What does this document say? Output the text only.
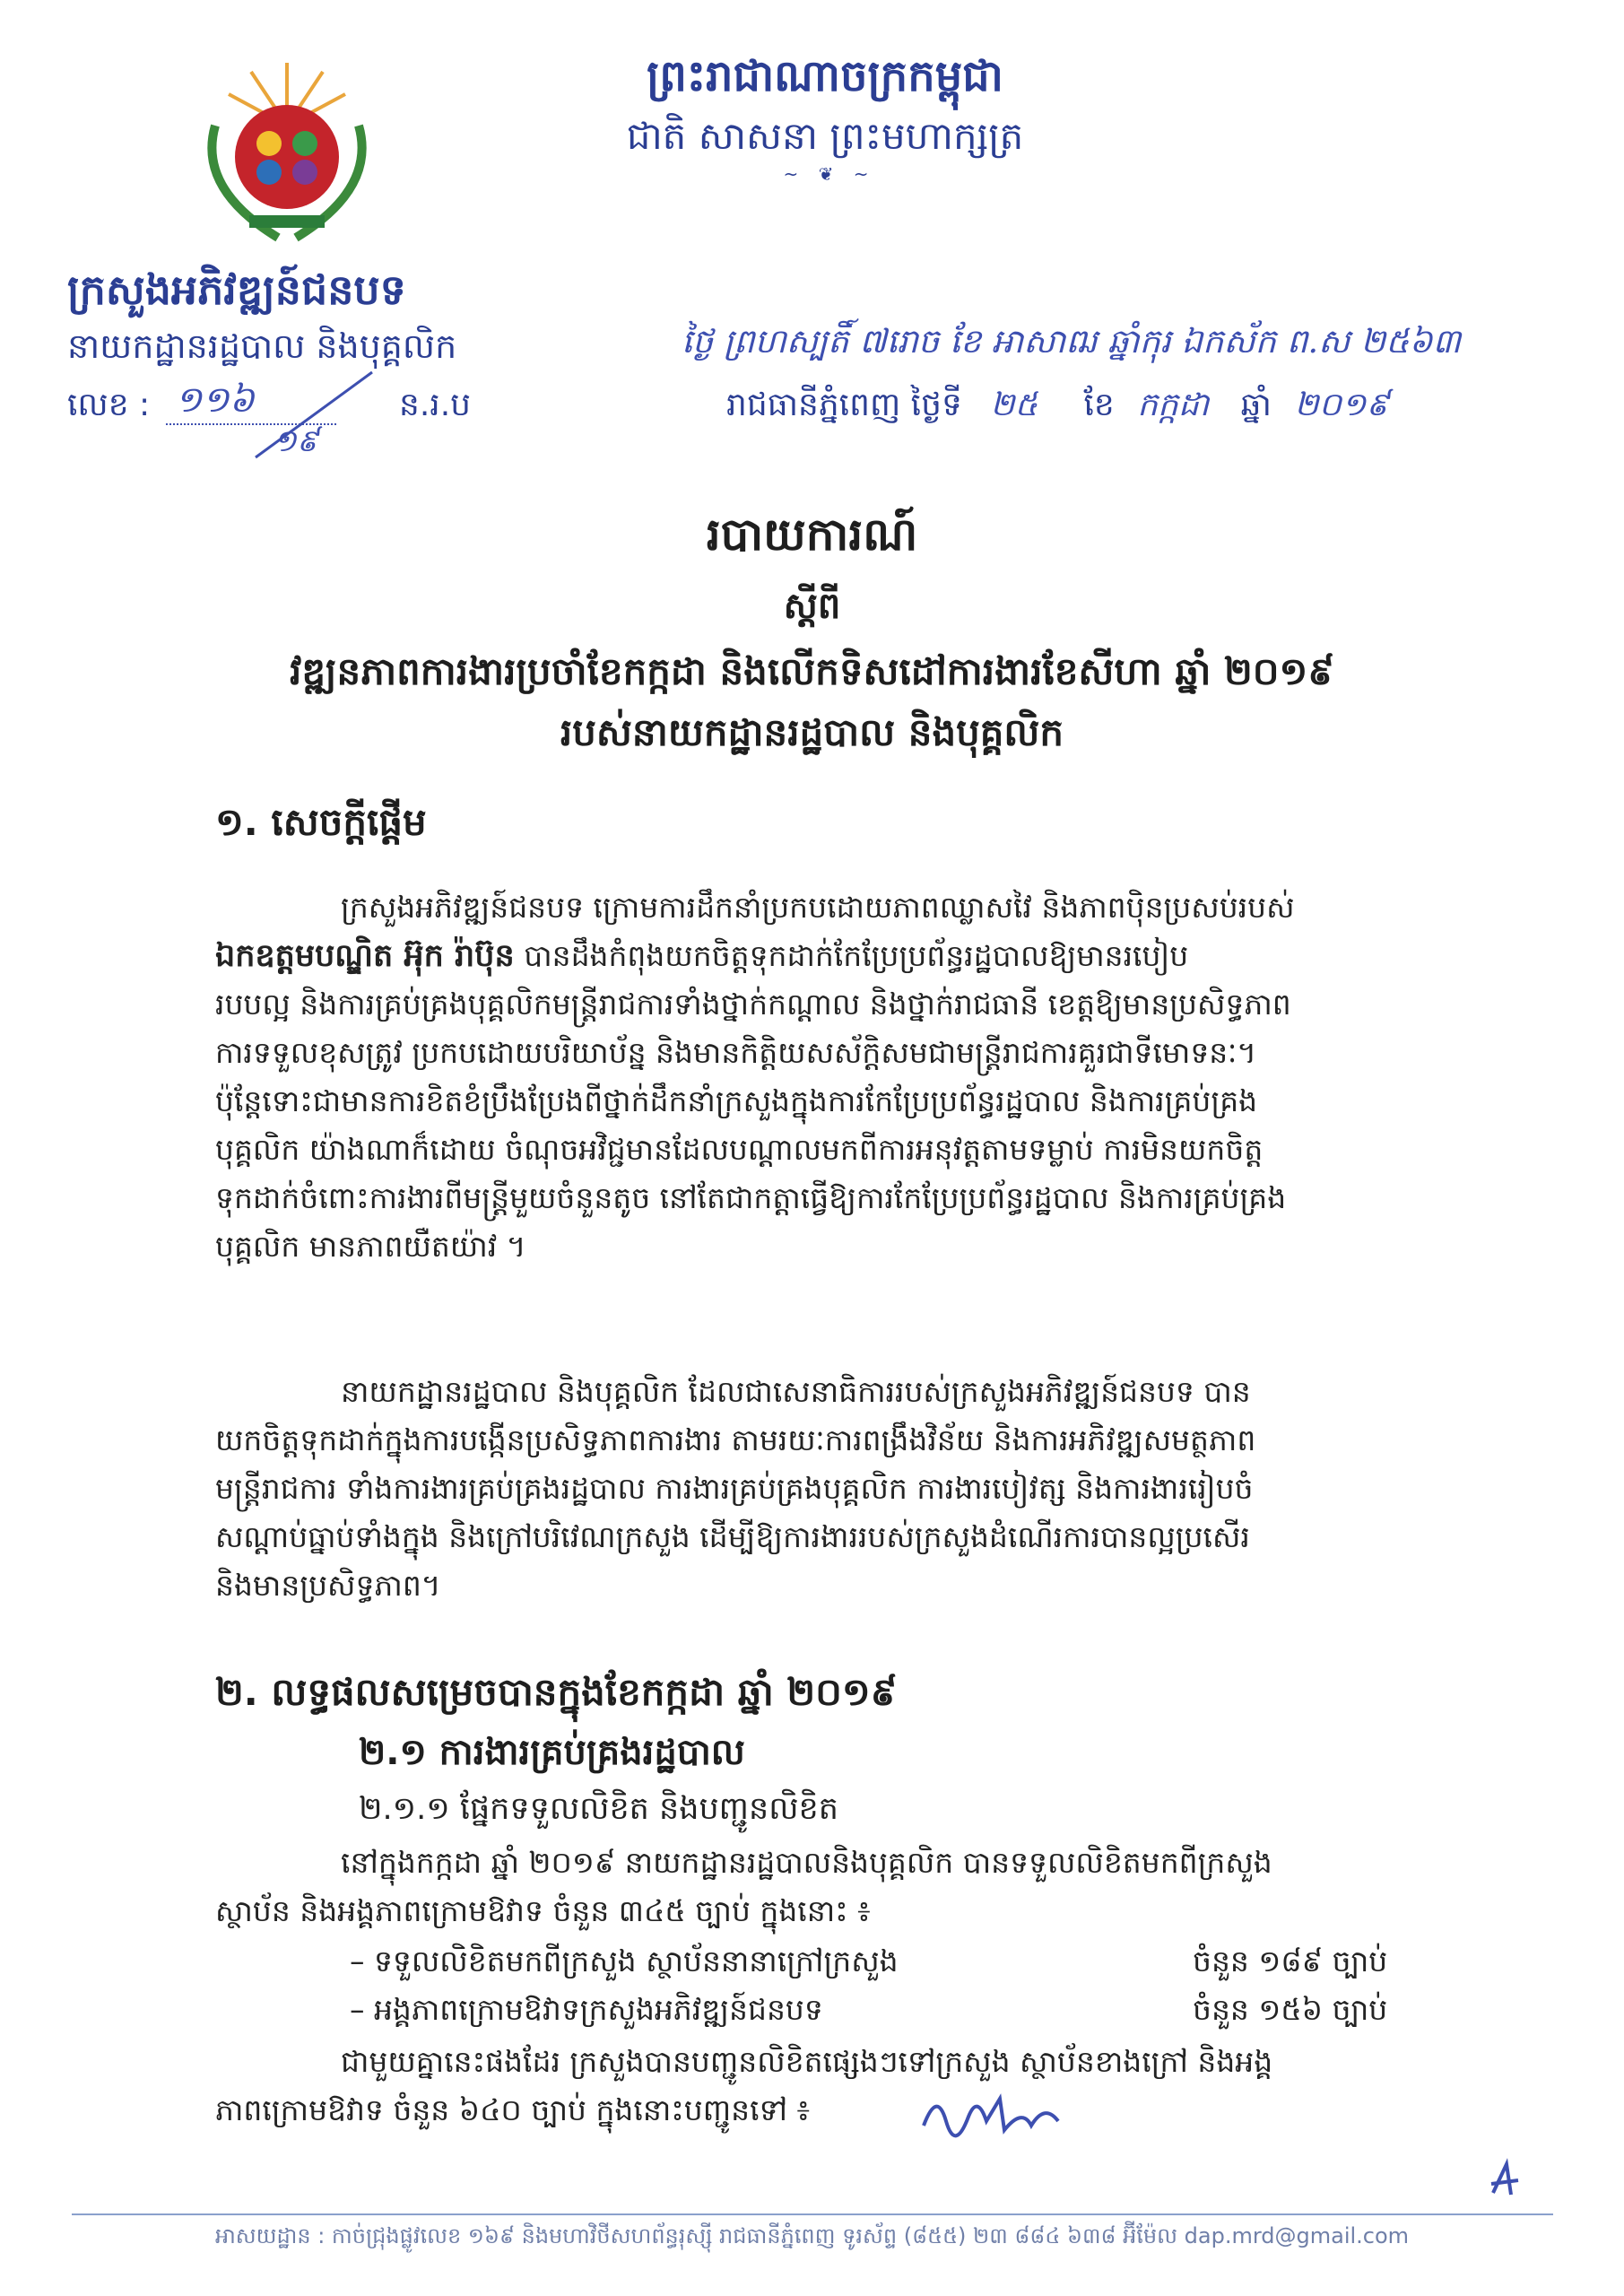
ព្រះរាជាណាចក្រកម្ពុជា
ជាតិ សាសនា ព្រះមហាក្សត្រ
~ ❦ ~
ក្រសួងអភិវឌ្ឍន៍ជនបទ
នាយកដ្ឋានរដ្ឋបាល និងបុគ្គលិក
លេខ : ១១៦
១៩
ន.រ.ប
ថ្ងៃ ព្រហស្បតិ៍ ៧រោច ខែ អាសាឍ ឆ្នាំកុរ ឯកស័ក ព.ស ២៥៦៣
រាជធានីភ្នំពេញ ថ្ងៃទី ២៥ ខែ កក្កដា ឆ្នាំ ២០១៩
របាយការណ៍
ស្ដីពី
វឌ្ឍនភាពការងារប្រចាំខែកក្កដា និងលើកទិសដៅការងារខែសីហា ឆ្នាំ ២០១៩
របស់នាយកដ្ឋានរដ្ឋបាល និងបុគ្គលិក
១. សេចក្តីផ្តើម
ក្រសួងអភិវឌ្ឍន៍ជនបទ ក្រោមការដឹកនាំប្រកបដោយភាពឈ្លាសវៃ និងភាពប៉ិនប្រសប់របស់
ឯកឧត្តមបណ្ឌិត អ៊ុក រ៉ាប៊ុន បានដឹងកំពុងយកចិត្តទុកដាក់កែប្រែប្រព័ន្ធរដ្ឋបាលឱ្យមានរបៀប
របបល្អ និងការគ្រប់គ្រងបុគ្គលិកមន្ត្រីរាជការទាំងថ្នាក់កណ្ដាល និងថ្នាក់រាជធានី ខេត្តឱ្យមានប្រសិទ្ធភាព
ការទទួលខុសត្រូវ ប្រកបដោយបរិយាប័ន្ន និងមានកិត្តិយសស័ក្តិសមជាមន្ត្រីរាជការគួរជាទីមោទនៈ។
ប៉ុន្តែទោះជាមានការខិតខំប្រឹងប្រែងពីថ្នាក់ដឹកនាំក្រសួងក្នុងការកែប្រែប្រព័ន្ធរដ្ឋបាល និងការគ្រប់គ្រង
បុគ្គលិក យ៉ាងណាក៏ដោយ ចំណុចអវិជ្ជមានដែលបណ្ដាលមកពីការអនុវត្តតាមទម្លាប់ ការមិនយកចិត្ត
ទុកដាក់ចំពោះការងារពីមន្ត្រីមួយចំនួនតូច នៅតែជាកត្តាធ្វើឱ្យការកែប្រែប្រព័ន្ធរដ្ឋបាល និងការគ្រប់គ្រង
បុគ្គលិក មានភាពយឺតយ៉ាវ ។
នាយកដ្ឋានរដ្ឋបាល និងបុគ្គលិក ដែលជាសេនាធិការរបស់ក្រសួងអភិវឌ្ឍន៍ជនបទ បាន
យកចិត្តទុកដាក់ក្នុងការបង្កើនប្រសិទ្ធភាពការងារ តាមរយៈការពង្រឹងវិន័យ និងការអភិវឌ្ឍសមត្ថភាព
មន្ត្រីរាជការ ទាំងការងារគ្រប់គ្រងរដ្ឋបាល ការងារគ្រប់គ្រងបុគ្គលិក ការងារបៀវត្ស និងការងាររៀបចំ
សណ្ដាប់ធ្នាប់ទាំងក្នុង និងក្រៅបរិវេណក្រសួង ដើម្បីឱ្យការងាររបស់ក្រសួងដំណើរការបានល្អប្រសើរ
និងមានប្រសិទ្ធភាព។
២. លទ្ធផលសម្រេចបានក្នុងខែកក្កដា ឆ្នាំ ២០១៩
២.១ ការងារគ្រប់គ្រងរដ្ឋបាល
២.១.១ ផ្នែកទទួលលិខិត និងបញ្ជូនលិខិត
នៅក្នុងកក្កដា ឆ្នាំ ២០១៩ នាយកដ្ឋានរដ្ឋបាលនិងបុគ្គលិក បានទទួលលិខិតមកពីក្រសួង
ស្ថាប័ន និងអង្គភាពក្រោមឱវាទ ចំនួន ៣៤៥ ច្បាប់ ក្នុងនោះ ៖
– ទទួលលិខិតមកពីក្រសួង ស្ថាប័ននានាក្រៅក្រសួង	ចំនួន ១៨៩ ច្បាប់
– អង្គភាពក្រោមឱវាទក្រសួងអភិវឌ្ឍន៍ជនបទ	ចំនួន ១៥៦ ច្បាប់
ជាមួយគ្នានេះផងដែរ ក្រសួងបានបញ្ជូនលិខិតផ្សេងៗទៅក្រសួង ស្ថាប័នខាងក្រៅ និងអង្គ
ភាពក្រោមឱវាទ ចំនួន ៦៤០ ច្បាប់ ក្នុងនោះបញ្ជូនទៅ ៖
អាសយដ្ឋាន : កាច់ជ្រុងផ្លូវលេខ ១៦៩ និងមហាវិថីសហព័ន្ធរុស្ស៊ី រាជធានីភ្នំពេញ ទូរស័ព្ទ (៨៥៥) ២៣ ៨៨៤ ៦៣៨ អ៊ីម៉ែល dap.mrd@gmail.com
